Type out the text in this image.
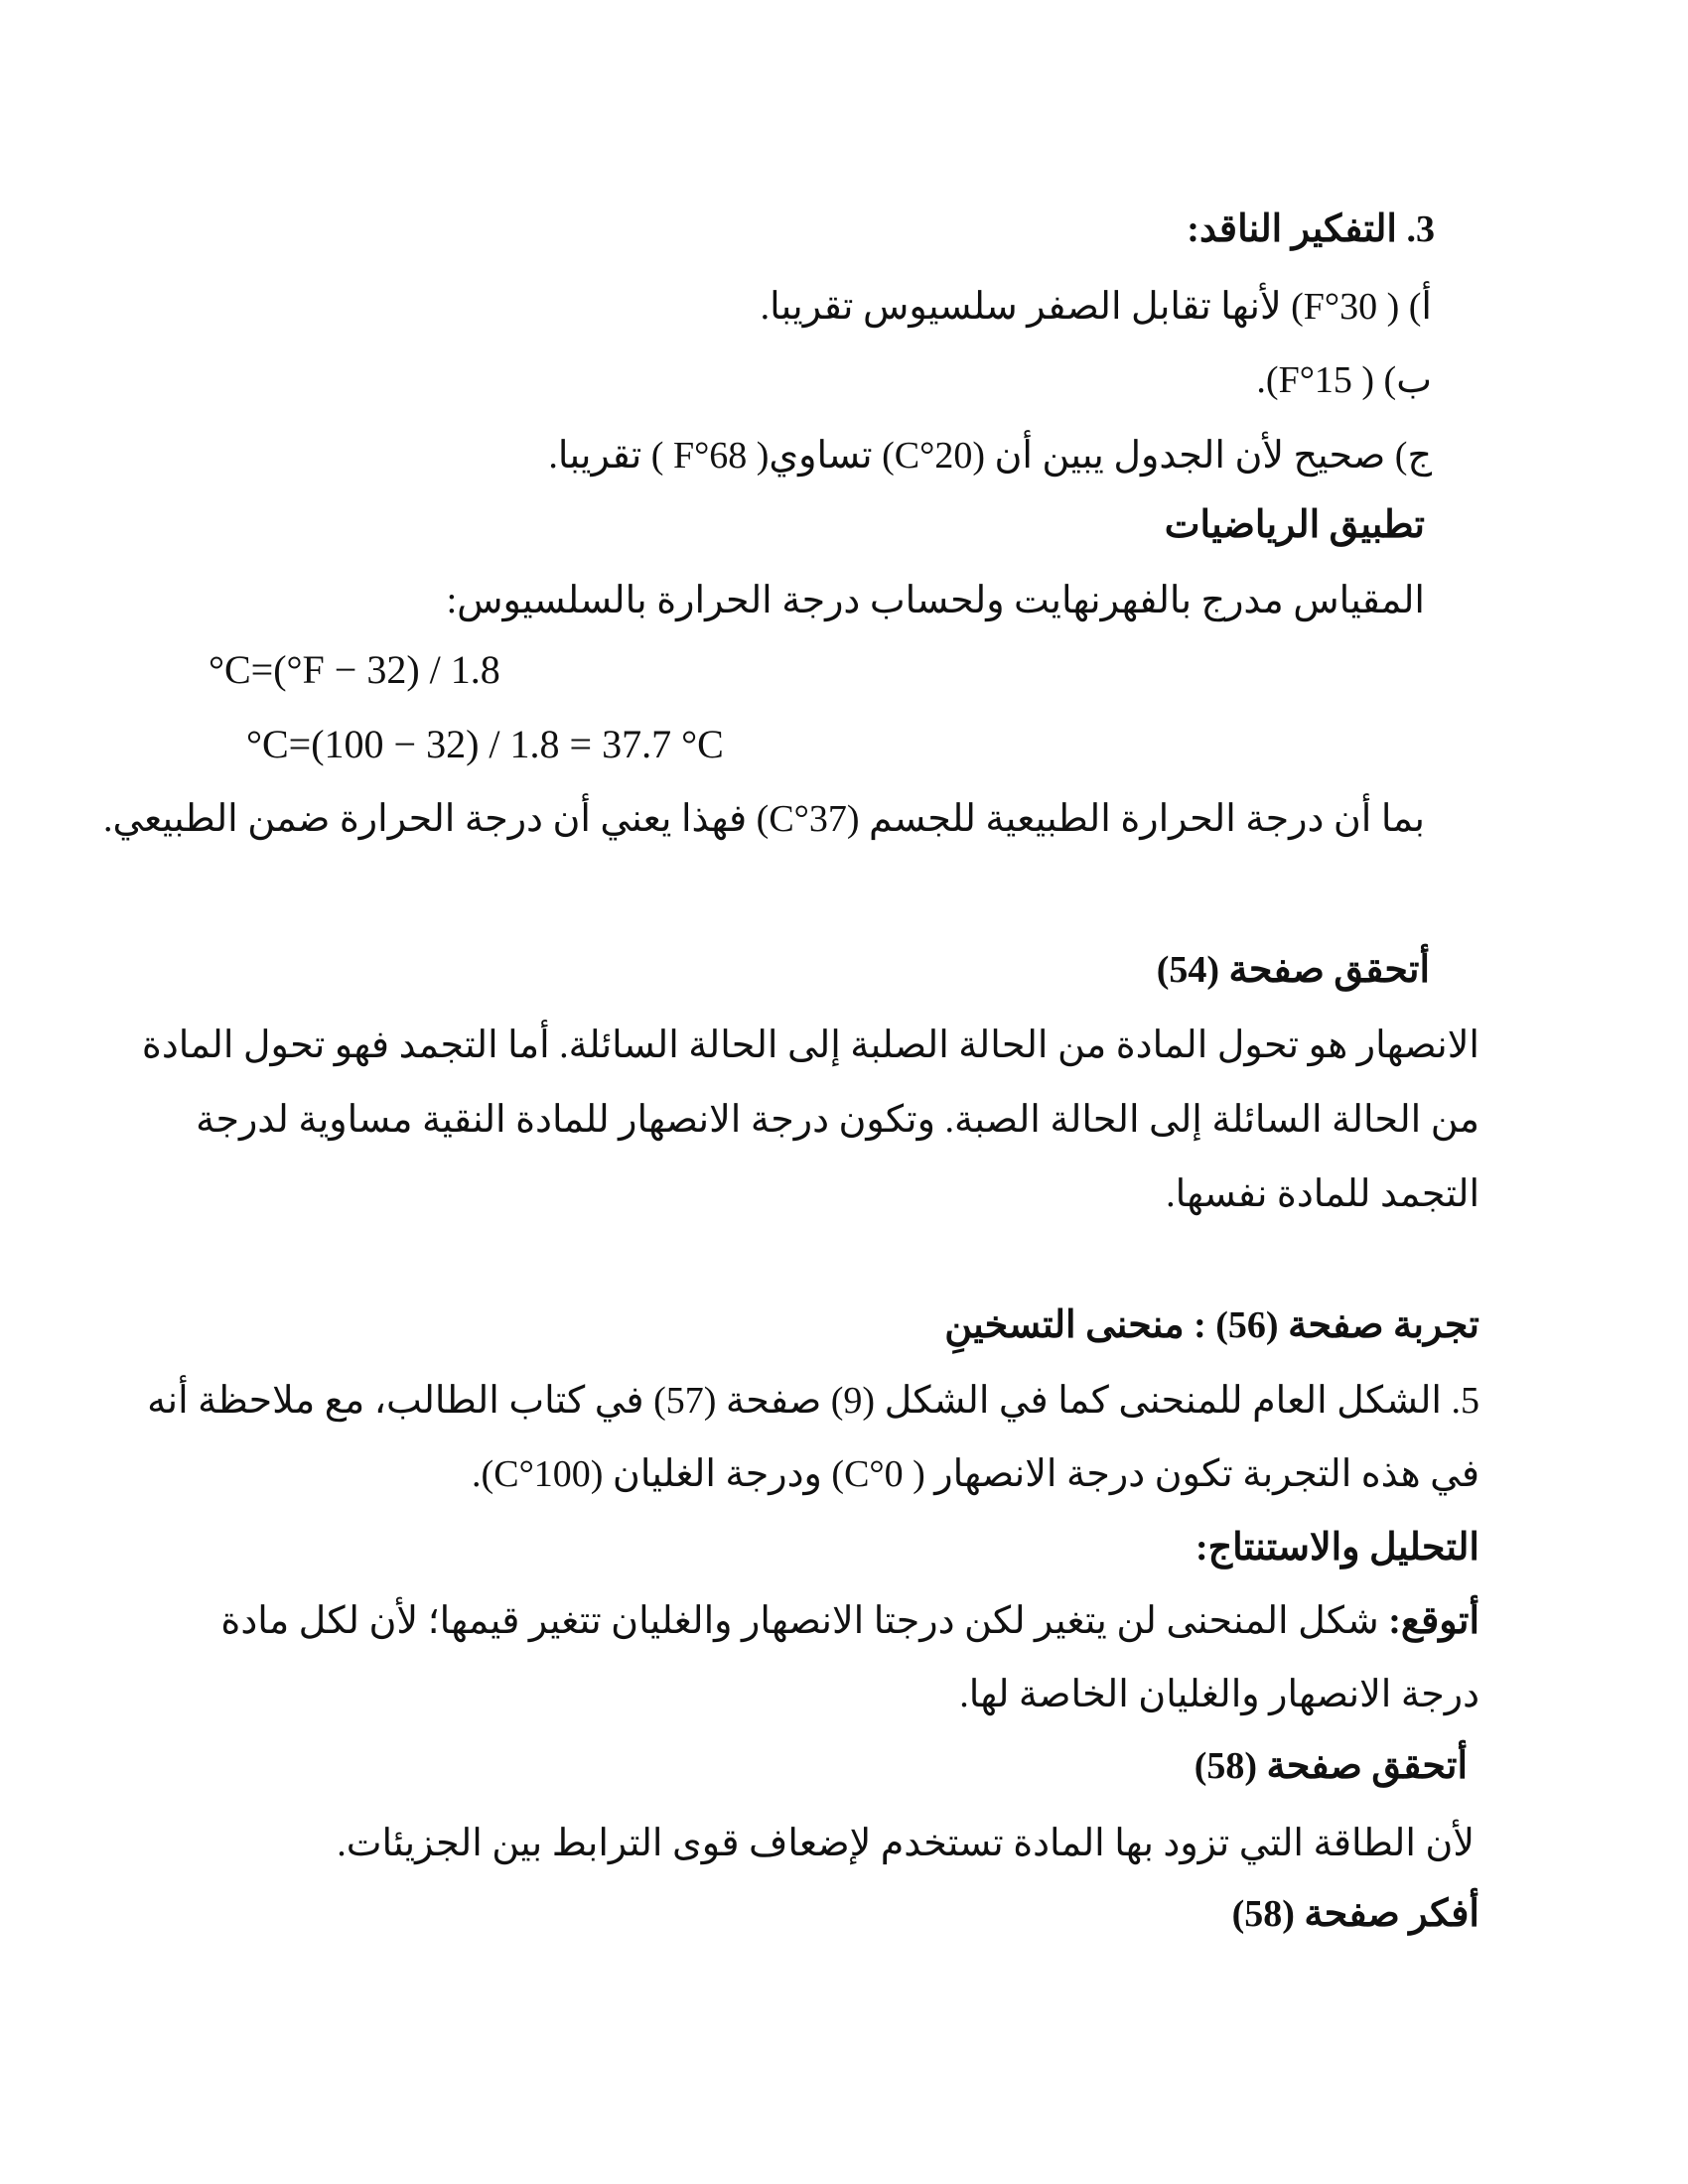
3. التفكير الناقد:
أ) ( 30°F) لأنها تقابل الصفر سلسيوس تقريبا.
ب) ( 15°F).
ج) صحيح لأن الجدول يبين أن (20°C) تساوي( 68°F ) تقريبا.
تطبيق الرياضيات
المقياس مدرج بالفهرنهايت ولحساب درجة الحرارة بالسلسيوس:
°C=(°F − 32) / 1.8
°C=(100 − 32) / 1.8 = 37.7 °C
بما أن درجة الحرارة الطبيعية للجسم (37°C) فهذا يعني أن درجة الحرارة ضمن الطبيعي.
أتحقق صفحة (54)
الانصهار هو تحول المادة من الحالة الصلبة إلى الحالة السائلة. أما التجمد فهو تحول المادة
من الحالة السائلة إلى الحالة الصبة. وتكون درجة الانصهار للمادة النقية مساوية لدرجة
التجمد للمادة نفسها.
تجربة صفحة (56) : منحنى التسخينِ
5. الشكل العام للمنحنى كما في الشكل (9) صفحة (57) في كتاب الطالب، مع ملاحظة أنه
في هذه التجربة تكون درجة الانصهار ( 0°C) ودرجة الغليان (100°C).
التحليل والاستنتاج:
أتوقع: شكل المنحنى لن يتغير لكن درجتا الانصهار والغليان تتغير قيمها؛ لأن لكل مادة
درجة الانصهار والغليان الخاصة لها.
أتحقق صفحة (58)
لأن الطاقة التي تزود بها المادة تستخدم لإضعاف قوى الترابط بين الجزيئات.
أفكر صفحة (58)
